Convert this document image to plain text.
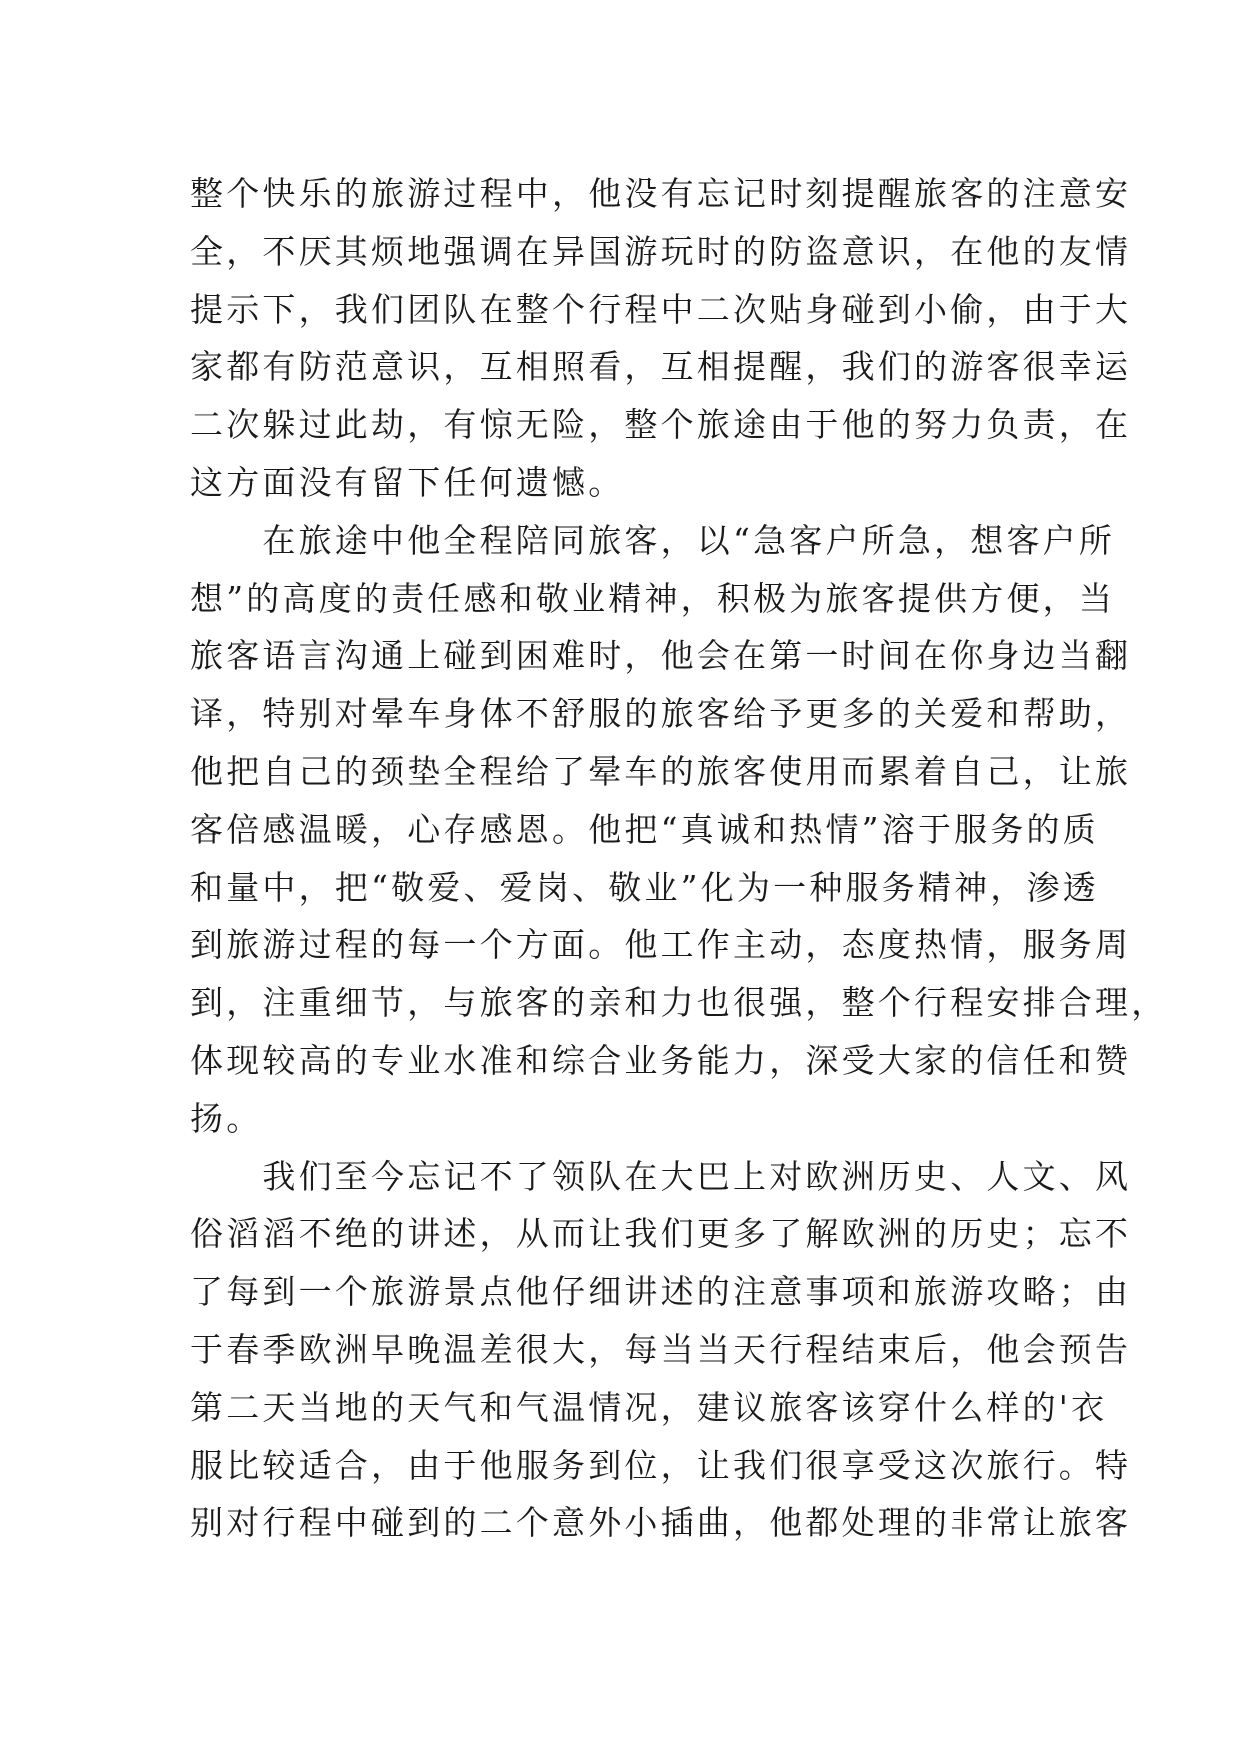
整个快乐的旅游过程中，他没有忘记时刻提醒旅客的注意安
全，不厌其烦地强调在异国游玩时的防盗意识，在他的友情
提示下，我们团队在整个行程中二次贴身碰到小偷，由于大
家都有防范意识，互相照看，互相提醒，我们的游客很幸运
二次躲过此劫，有惊无险，整个旅途由于他的努力负责，在
这方面没有留下任何遗憾。
　　在旅途中他全程陪同旅客，以“急客户所急，想客户所
想”的高度的责任感和敬业精神，积极为旅客提供方便，当
旅客语言沟通上碰到困难时，他会在第一时间在你身边当翻
译，特别对晕车身体不舒服的旅客给予更多的关爱和帮助，
他把自己的颈垫全程给了晕车的旅客使用而累着自己，让旅
客倍感温暖，心存感恩。他把“真诚和热情”溶于服务的质
和量中，把“敬爱、爱岗、敬业”化为一种服务精神，渗透
到旅游过程的每一个方面。他工作主动，态度热情，服务周
到，注重细节，与旅客的亲和力也很强，整个行程安排合理，
体现较高的专业水准和综合业务能力，深受大家的信任和赞
扬。
　　我们至今忘记不了领队在大巴上对欧洲历史、人文、风
俗滔滔不绝的讲述，从而让我们更多了解欧洲的历史；忘不
了每到一个旅游景点他仔细讲述的注意事项和旅游攻略；由
于春季欧洲早晚温差很大，每当当天行程结束后，他会预告
第二天当地的天气和气温情况，建议旅客该穿什么样的'衣
服比较适合，由于他服务到位，让我们很享受这次旅行。特
别对行程中碰到的二个意外小插曲，他都处理的非常让旅客
